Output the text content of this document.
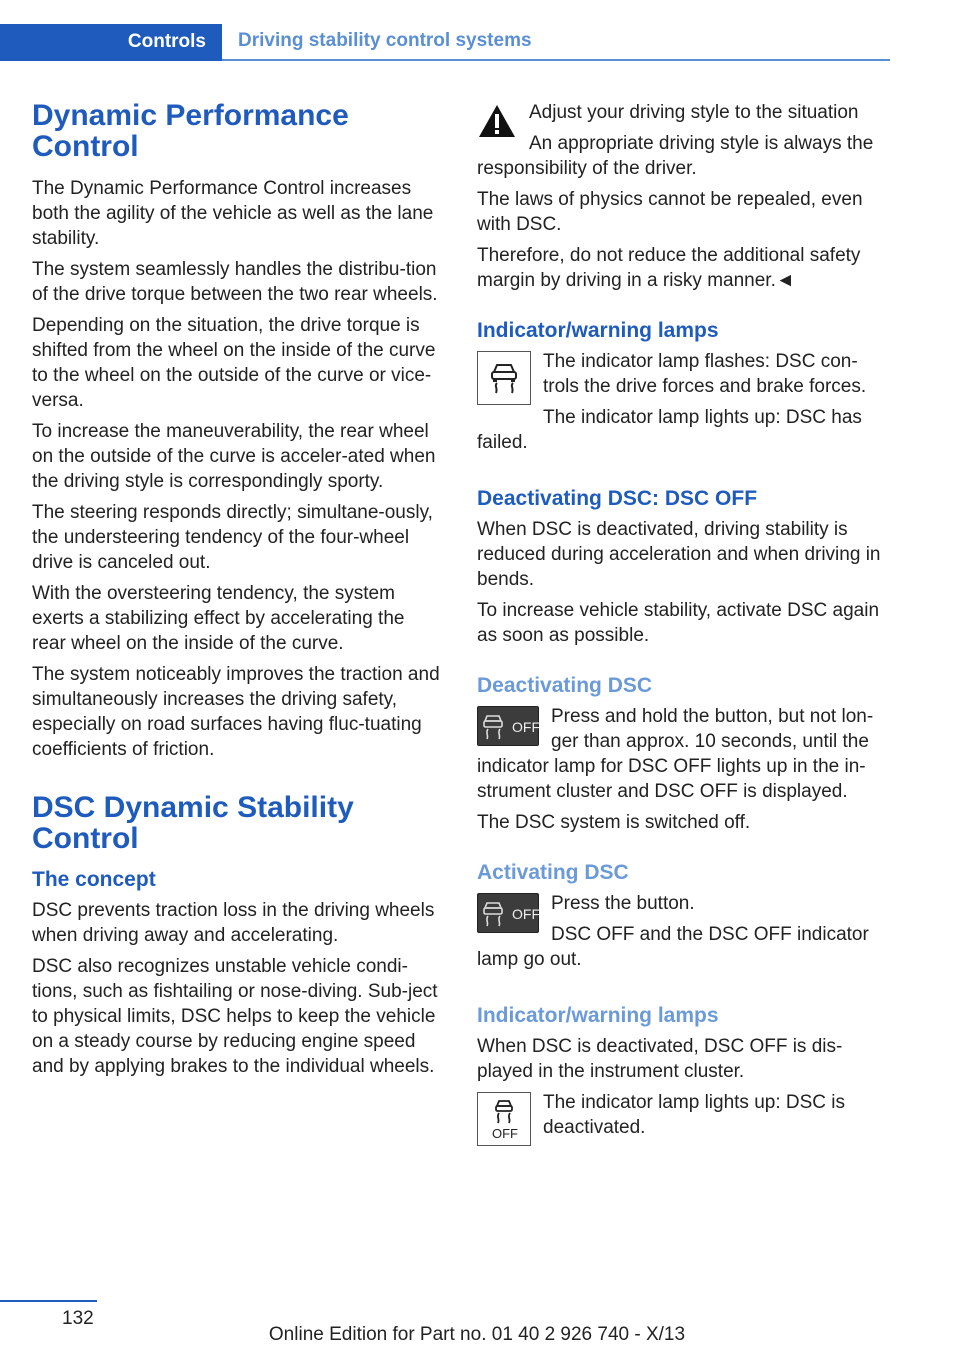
Controls Driving stability control systems
Dynamic Performance Control

The Dynamic Performance Control increases both the agility of the vehicle as well as the lane stability.

The system seamlessly handles the distribu‐tion of the drive torque between the two rear wheels.

Depending on the situation, the drive torque is shifted from the wheel on the inside of the curve to the wheel on the outside of the curve or vice-versa.

To increase the maneuverability, the rear wheel on the outside of the curve is acceler‐ated when the driving style is correspondingly sporty.

The steering responds directly; simultane‐ously, the understeering tendency of the four-wheel drive is canceled out.

With the oversteering tendency, the system exerts a stabilizing effect by accelerating the rear wheel on the inside of the curve.

The system noticeably improves the traction and simultaneously increases the driving safety, especially on road surfaces having fluc‐tuating coefficients of friction.

DSC Dynamic Stability Control
The concept

DSC prevents traction loss in the driving wheels when driving away and accelerating.

DSC also recognizes unstable vehicle condi‐tions, such as fishtailing or nose-diving. Sub‐ject to physical limits, DSC helps to keep the vehicle on a steady course by reducing engine speed and by applying brakes to the individual wheels.

Adjust your driving style to the situation

An appropriate driving style is always the responsibility of the driver.

The laws of physics cannot be repealed, even with DSC.

Therefore, do not reduce the additional safety margin by driving in a risky manner.◄

Indicator/warning lamps

The indicator lamp flashes: DSC con‐trols the drive forces and brake forces.

The indicator lamp lights up: DSC has failed.

Deactivating DSC: DSC OFF

When DSC is deactivated, driving stability is reduced during acceleration and when driving in bends.

To increase vehicle stability, activate DSC again as soon as possible.

Deactivating DSC
OFF Press and hold the button, but not lon‐ger than approx. 10 seconds, until the indicator lamp for DSC OFF lights up in the in‐strument cluster and DSC OFF is displayed.

The DSC system is switched off.

Activating DSC
OFF Press the button.

DSC OFF and the DSC OFF indicator lamp go out.

Indicator/warning lamps

When DSC is deactivated, DSC OFF is dis‐played in the instrument cluster.

OFF

The indicator lamp lights up: DSC is deactivated.

132
Online Edition for Part no. 01 40 2 926 740 - X/13
